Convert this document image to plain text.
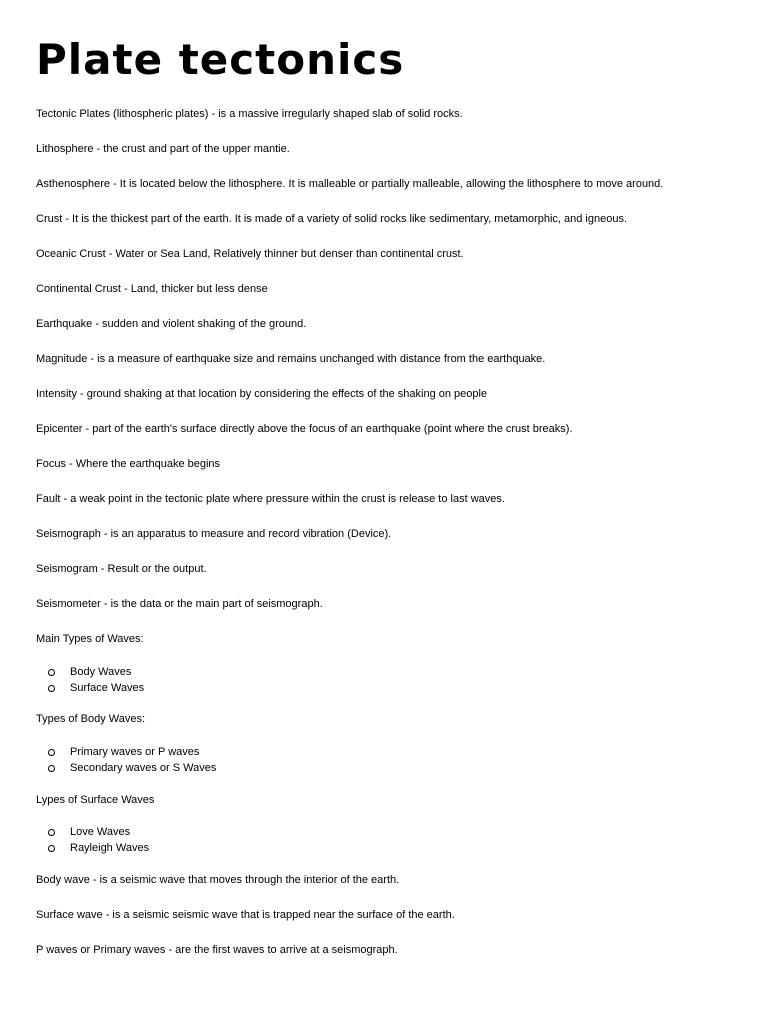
Plate tectonics

Tectonic Plates (lithospheric plates) - is a massive irregularly shaped slab of solid rocks.

Lithosphere - the crust and part of the upper mantie.

Asthenosphere - It is located below the lithosphere. It is malleable or partially malleable, allowing the lithosphere to move around.

Crust - It is the thickest part of the earth. It is made of a variety of solid rocks like sedimentary, metamorphic, and igneous.

Oceanic Crust - Water or Sea Land, Relatively thinner but denser than continental crust.

Continental Crust - Land, thicker but less dense

Earthquake - sudden and violent shaking of the ground.

Magnitude - is a measure of earthquake size and remains unchanged with distance from the earthquake.

Intensity - ground shaking at that location by considering the effects of the shaking on people

Epicenter - part of the earth's surface directly above the focus of an earthquake (point where the crust breaks).

Focus - Where the earthquake begins

Fault - a weak point in the tectonic plate where pressure within the crust is release to last waves.

Seismograph - is an apparatus to measure and record vibration (Device).

Seismogram - Result or the output.

Seismometer - is the data or the main part of seismograph.

Main Types of Waves:

Body Waves
Surface Waves

Types of Body Waves:

Primary waves or P waves
Secondary waves or S Waves

Lypes of Surface Waves

Love Waves
Rayleigh Waves

Body wave - is a seismic wave that moves through the interior of the earth.

Surface wave - is a seismic seismic wave that is trapped near the surface of the earth.

P waves or Primary waves - are the first waves to arrive at a seismograph.
